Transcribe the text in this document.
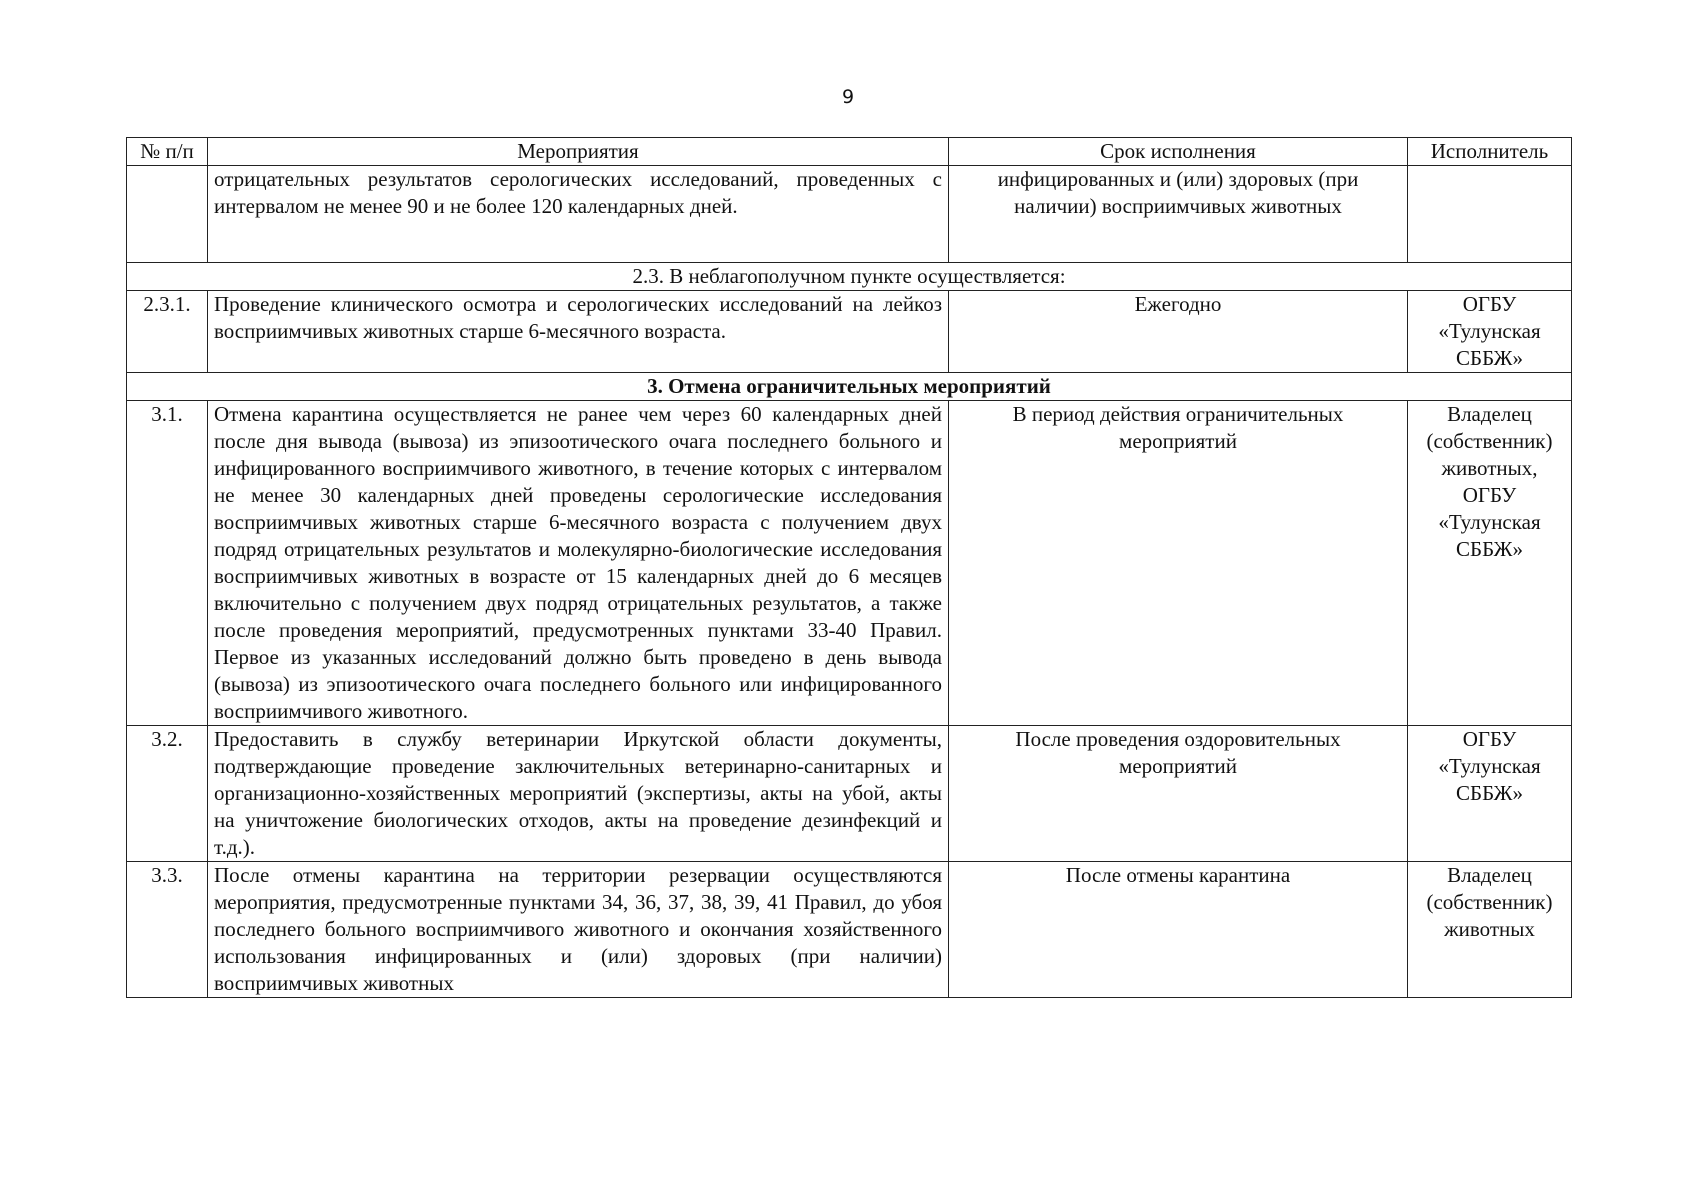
9
№ п/п	Мероприятия	Срок исполнения	Исполнитель
	отрицательных результатов серологических исследований, проведенных с интервалом не менее 90 и не более 120 календарных дней.	инфицированных и (или) здоровых (при наличии) восприимчивых животных	
2.3. В неблагополучном пункте осуществляется:			
2.3.1.	Проведение клинического осмотра и серологических исследований на лейкоз восприимчивых животных старше 6-месячного возраста.	Ежегодно	ОГБУ «Тулунская СББЖ»
3. Отмена ограничительных мероприятий			
3.1.	Отмена карантина осуществляется не ранее чем через 60 календарных дней после дня вывода (вывоза) из эпизоотического очага последнего больного и инфицированного восприимчивого животного, в течение которых с интервалом не менее 30 календарных дней проведены серологические исследования восприимчивых животных старше 6-месячного возраста с получением двух подряд отрицательных результатов и молекулярно-биологические исследования восприимчивых животных в возрасте от 15 календарных дней до 6 месяцев включительно с получением двух подряд отрицательных результатов, а также после проведения мероприятий, предусмотренных пунктами 33-40 Правил. Первое из указанных исследований должно быть проведено в день вывода (вывоза) из эпизоотического очага последнего больного или инфицированного восприимчивого животного.	В период действия ограничительных мероприятий	Владелец (собственник) животных, ОГБУ «Тулунская СББЖ»
3.2.	Предоставить в службу ветеринарии Иркутской области документы, подтверждающие проведение заключительных ветеринарно-санитарных и организационно-хозяйственных мероприятий (экспертизы, акты на убой, акты на уничтожение биологических отходов, акты на проведение дезинфекций и т.д.).	После проведения оздоровительных мероприятий	ОГБУ «Тулунская СББЖ»
3.3.	После отмены карантина на территории резервации осуществляются мероприятия, предусмотренные пунктами 34, 36, 37, 38, 39, 41 Правил, до убоя последнего больного восприимчивого животного и окончания хозяйственного использования инфицированных и (или) здоровых (при наличии) восприимчивых животных	После отмены карантина	Владелец (собственник) животных
